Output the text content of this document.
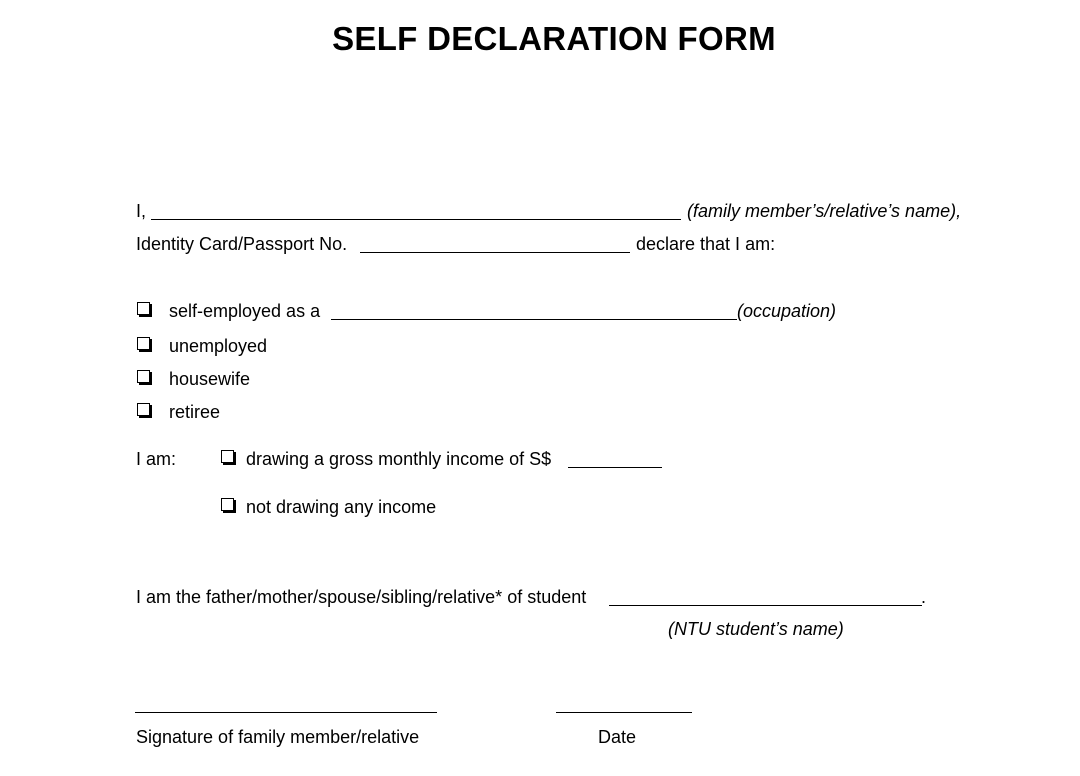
SELF DECLARATION FORM
I,	(family member’s/relative’s name),
Identity Card/Passport No.	declare that I am:
self-employed as a	(occupation)
unemployed
housewife
retiree
I am:	drawing a gross monthly income of S$
not drawing any income
I am the father/mother/spouse/sibling/relative* of student	.
(NTU student’s name)
Signature of family member/relative	Date
